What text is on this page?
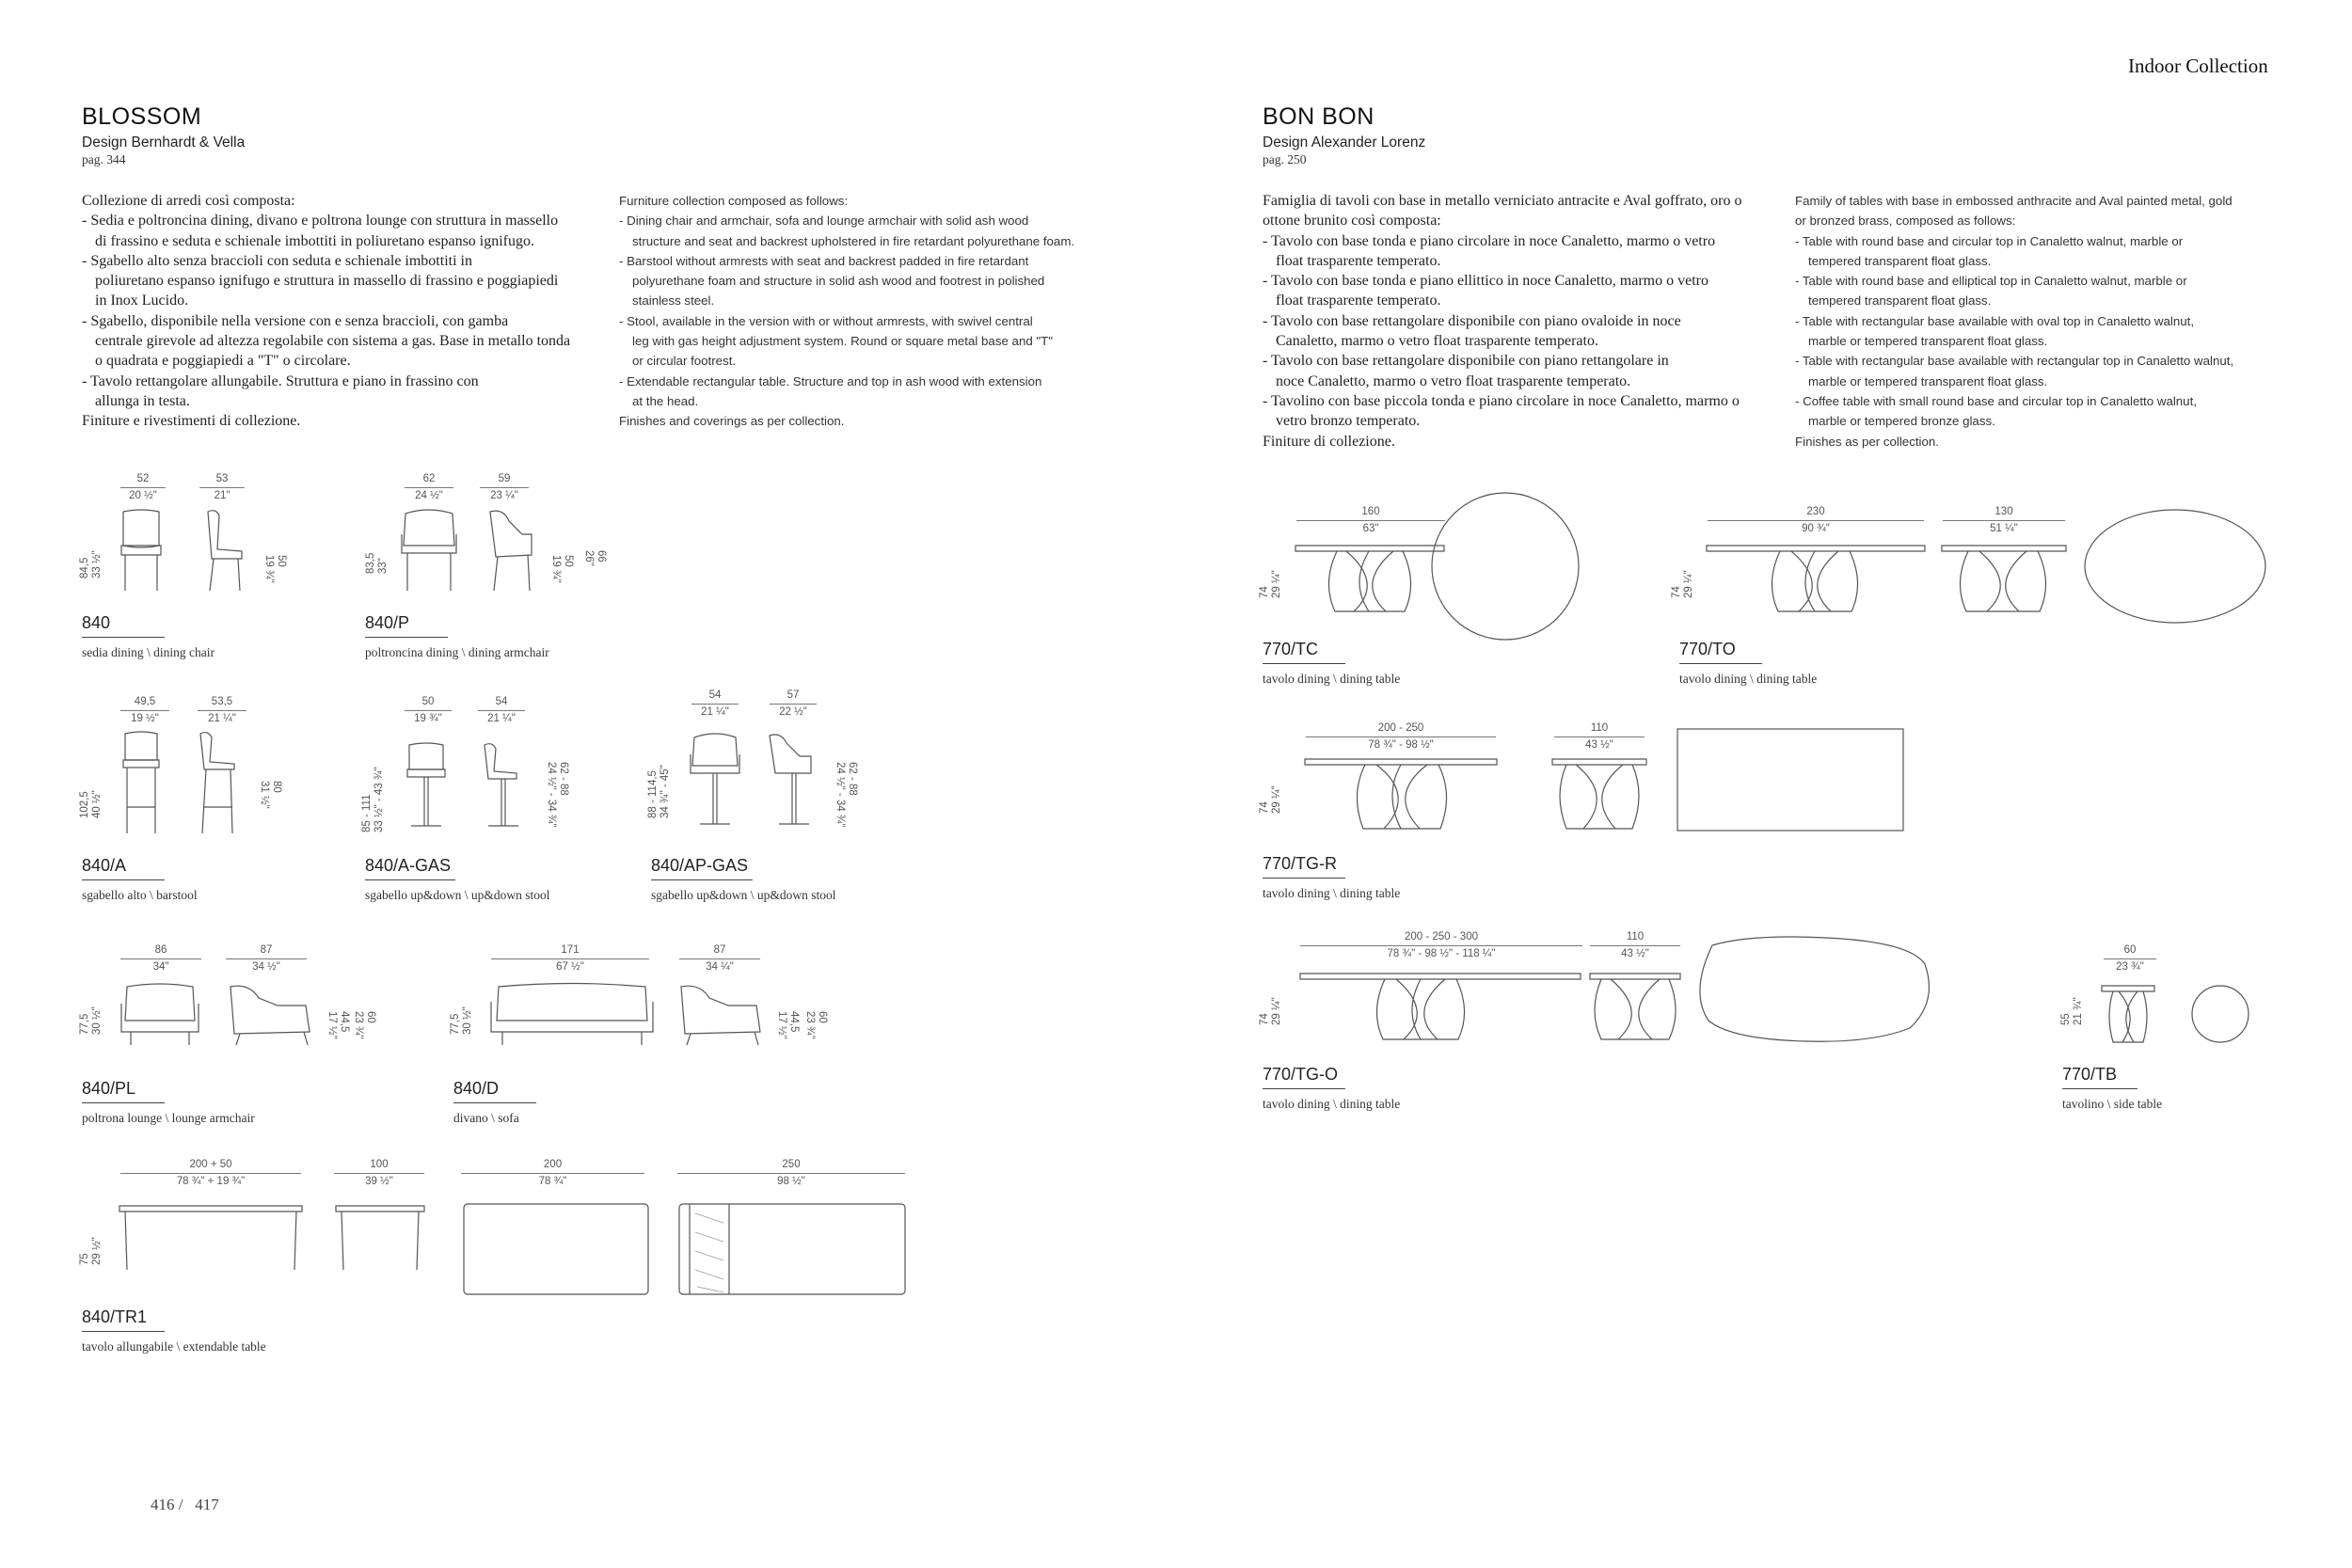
Indoor Collection
416 /   417
BLOSSOM
Design Bernhardt & Vella
pag. 344
Collezione di arredi così composta:
- Sedia e poltroncina dining, divano e poltrona lounge con struttura in massello
di frassino e seduta e schienale imbottiti in poliuretano espanso ignifugo.
- Sgabello alto senza braccioli con seduta e schienale imbottiti in
poliuretano espanso ignifugo e struttura in massello di frassino e poggiapiedi
in Inox Lucido.
- Sgabello, disponibile nella versione con e senza braccioli, con gamba
centrale girevole ad altezza regolabile con sistema a gas. Base in metallo tonda
o quadrata e poggiapiedi a "T" o circolare.
- Tavolo rettangolare allungabile. Struttura e piano in frassino con
allunga in testa.
Finiture e rivestimenti di collezione.
Furniture collection composed as follows:
- Dining chair and armchair, sofa and lounge armchair with solid ash wood
structure and seat and backrest upholstered in fire retardant polyurethane foam.
- Barstool without armrests with seat and backrest padded in fire retardant
polyurethane foam and structure in solid ash wood and footrest in polished
stainless steel.
- Stool, available in the version with or without armrests, with swivel central
leg with gas height adjustment system. Round or square metal base and "T"
or circular footrest.
- Extendable rectangular table. Structure and top in ash wood with extension
at the head.
Finishes and coverings as per collection.
52
20 ½"
53
21"
84,5
33 ½"	50
19 ¾"
840
sedia dining \ dining chair
62
24 ½"
59
23 ¼"
83,5
33"	50
19 ¾"	66
26"
840/P
poltroncina dining \ dining armchair
49,5
19 ½"
53,5
21 ¼"
102,5
40 ½"
80
31 ½"
840/A
sgabello alto \ barstool
50
19 ¾"
54
21 ¼"
85 - 111
33 ½" - 43 ¾"	62 - 88
24 ½" - 34 ¾"
840/A-GAS
sgabello up&down \ up&down stool
54
21 ¼"
57
22 ½"
88 - 114,5
34 ¾" - 45"	62 - 88
24 ½" - 34 ¾"
840/AP-GAS
sgabello up&down \ up&down stool
86
34"
87
34 ½"
77,5
30 ½"	44,5
17 ½"	60
23 ¾"
840/PL
poltrona lounge \ lounge armchair
171
67 ½"
87
34 ¼"
77,5
30 ½"	44,5
17 ½"	60
23 ¾"
840/D
divano \ sofa
200 + 50
78 ¾" + 19 ¾"
100
39 ½"
200
78 ¾"
250
98 ½"
75
29 ½"
840/TR1
tavolo allungabile \ extendable table
BON BON
Design Alexander Lorenz
pag. 250
Famiglia di tavoli con base in metallo verniciato antracite e Aval goffrato, oro o
ottone brunito così composta:
- Tavolo con base tonda e piano circolare in noce Canaletto, marmo o vetro
float trasparente temperato.
- Tavolo con base tonda e piano ellittico in noce Canaletto, marmo o vetro
float trasparente temperato.
- Tavolo con base rettangolare disponibile con piano ovaloide in noce
Canaletto, marmo o vetro float trasparente temperato.
- Tavolo con base rettangolare disponibile con piano rettangolare in
noce Canaletto, marmo o vetro float trasparente temperato.
- Tavolino con base piccola tonda e piano circolare in noce Canaletto, marmo o
vetro bronzo temperato.
Finiture di collezione.
Family of tables with base in embossed anthracite and Aval painted metal, gold
or bronzed brass, composed as follows:
- Table with round base and circular top in Canaletto walnut, marble or
tempered transparent float glass.
- Table with round base and elliptical top in Canaletto walnut, marble or
tempered transparent float glass.
- Table with rectangular base available with oval top in Canaletto walnut,
marble or tempered transparent float glass.
- Table with rectangular base available with rectangular top in Canaletto walnut,
marble or tempered transparent float glass.
- Coffee table with small round base and circular top in Canaletto walnut,
marble or tempered bronze glass.
Finishes as per collection.
160
63"
74
29 ¼"
770/TC
tavolo dining \ dining table
230
90 ¾"
130
51 ¼"
74
29 ¼"
770/TO
tavolo dining \ dining table
200 - 250
78 ¾" - 98 ½"
110
43 ½"
74
29 ¼"
770/TG-R
tavolo dining \ dining table
200 - 250 - 300
78 ¾" - 98 ½" - 118 ¼"
110
43 ½"
74
29 ¼"
770/TG-O
tavolo dining \ dining table
60
23 ¾"
55
21 ¾"
770/TB
tavolino \ side table
